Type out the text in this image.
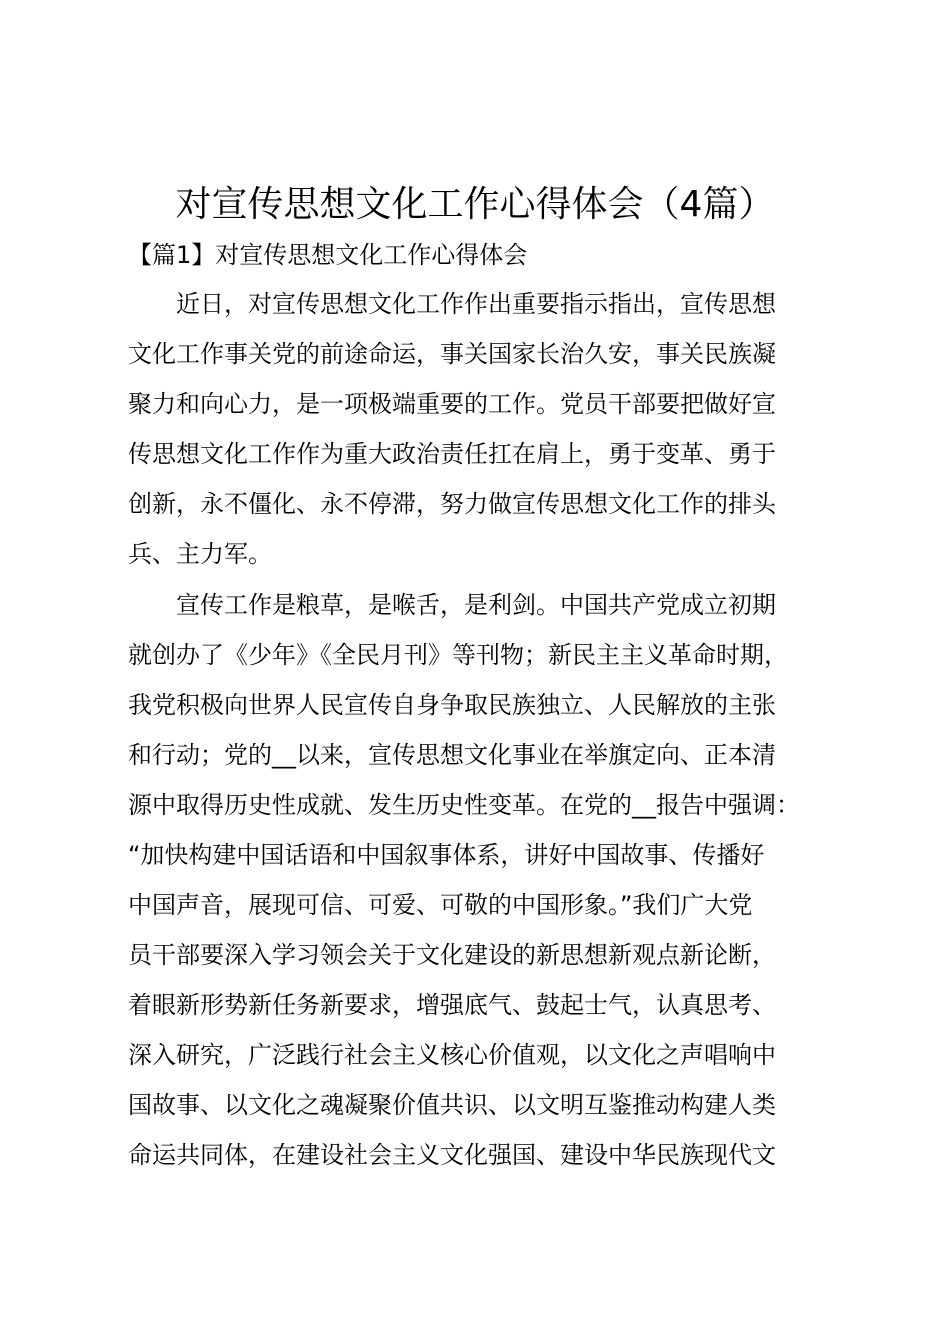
对宣传思想文化工作心得体会（4篇）
【篇1】对宣传思想文化工作心得体会
近日，对宣传思想文化工作作出重要指示指出，宣传思想
文化工作事关党的前途命运，事关国家长治久安，事关民族凝
聚力和向心力，是一项极端重要的工作。党员干部要把做好宣
传思想文化工作作为重大政治责任扛在肩上，勇于变革、勇于
创新，永不僵化、永不停滞，努力做宣传思想文化工作的排头
兵、主力军。
宣传工作是粮草，是喉舌，是利剑。中国共产党成立初期
就创办了《少年》《全民月刊》等刊物；新民主主义革命时期，
我党积极向世界人民宣传自身争取民族独立、人民解放的主张
和行动；党的__以来，宣传思想文化事业在举旗定向、正本清
源中取得历史性成就、发生历史性变革。在党的__报告中强调：
“加快构建中国话语和中国叙事体系，讲好中国故事、传播好
中国声音，展现可信、可爱、可敬的中国形象。”我们广大党
员干部要深入学习领会关于文化建设的新思想新观点新论断，
着眼新形势新任务新要求，增强底气、鼓起士气，认真思考、
深入研究，广泛践行社会主义核心价值观，以文化之声唱响中
国故事、以文化之魂凝聚价值共识、以文明互鉴推动构建人类
命运共同体，在建设社会主义文化强国、建设中华民族现代文
